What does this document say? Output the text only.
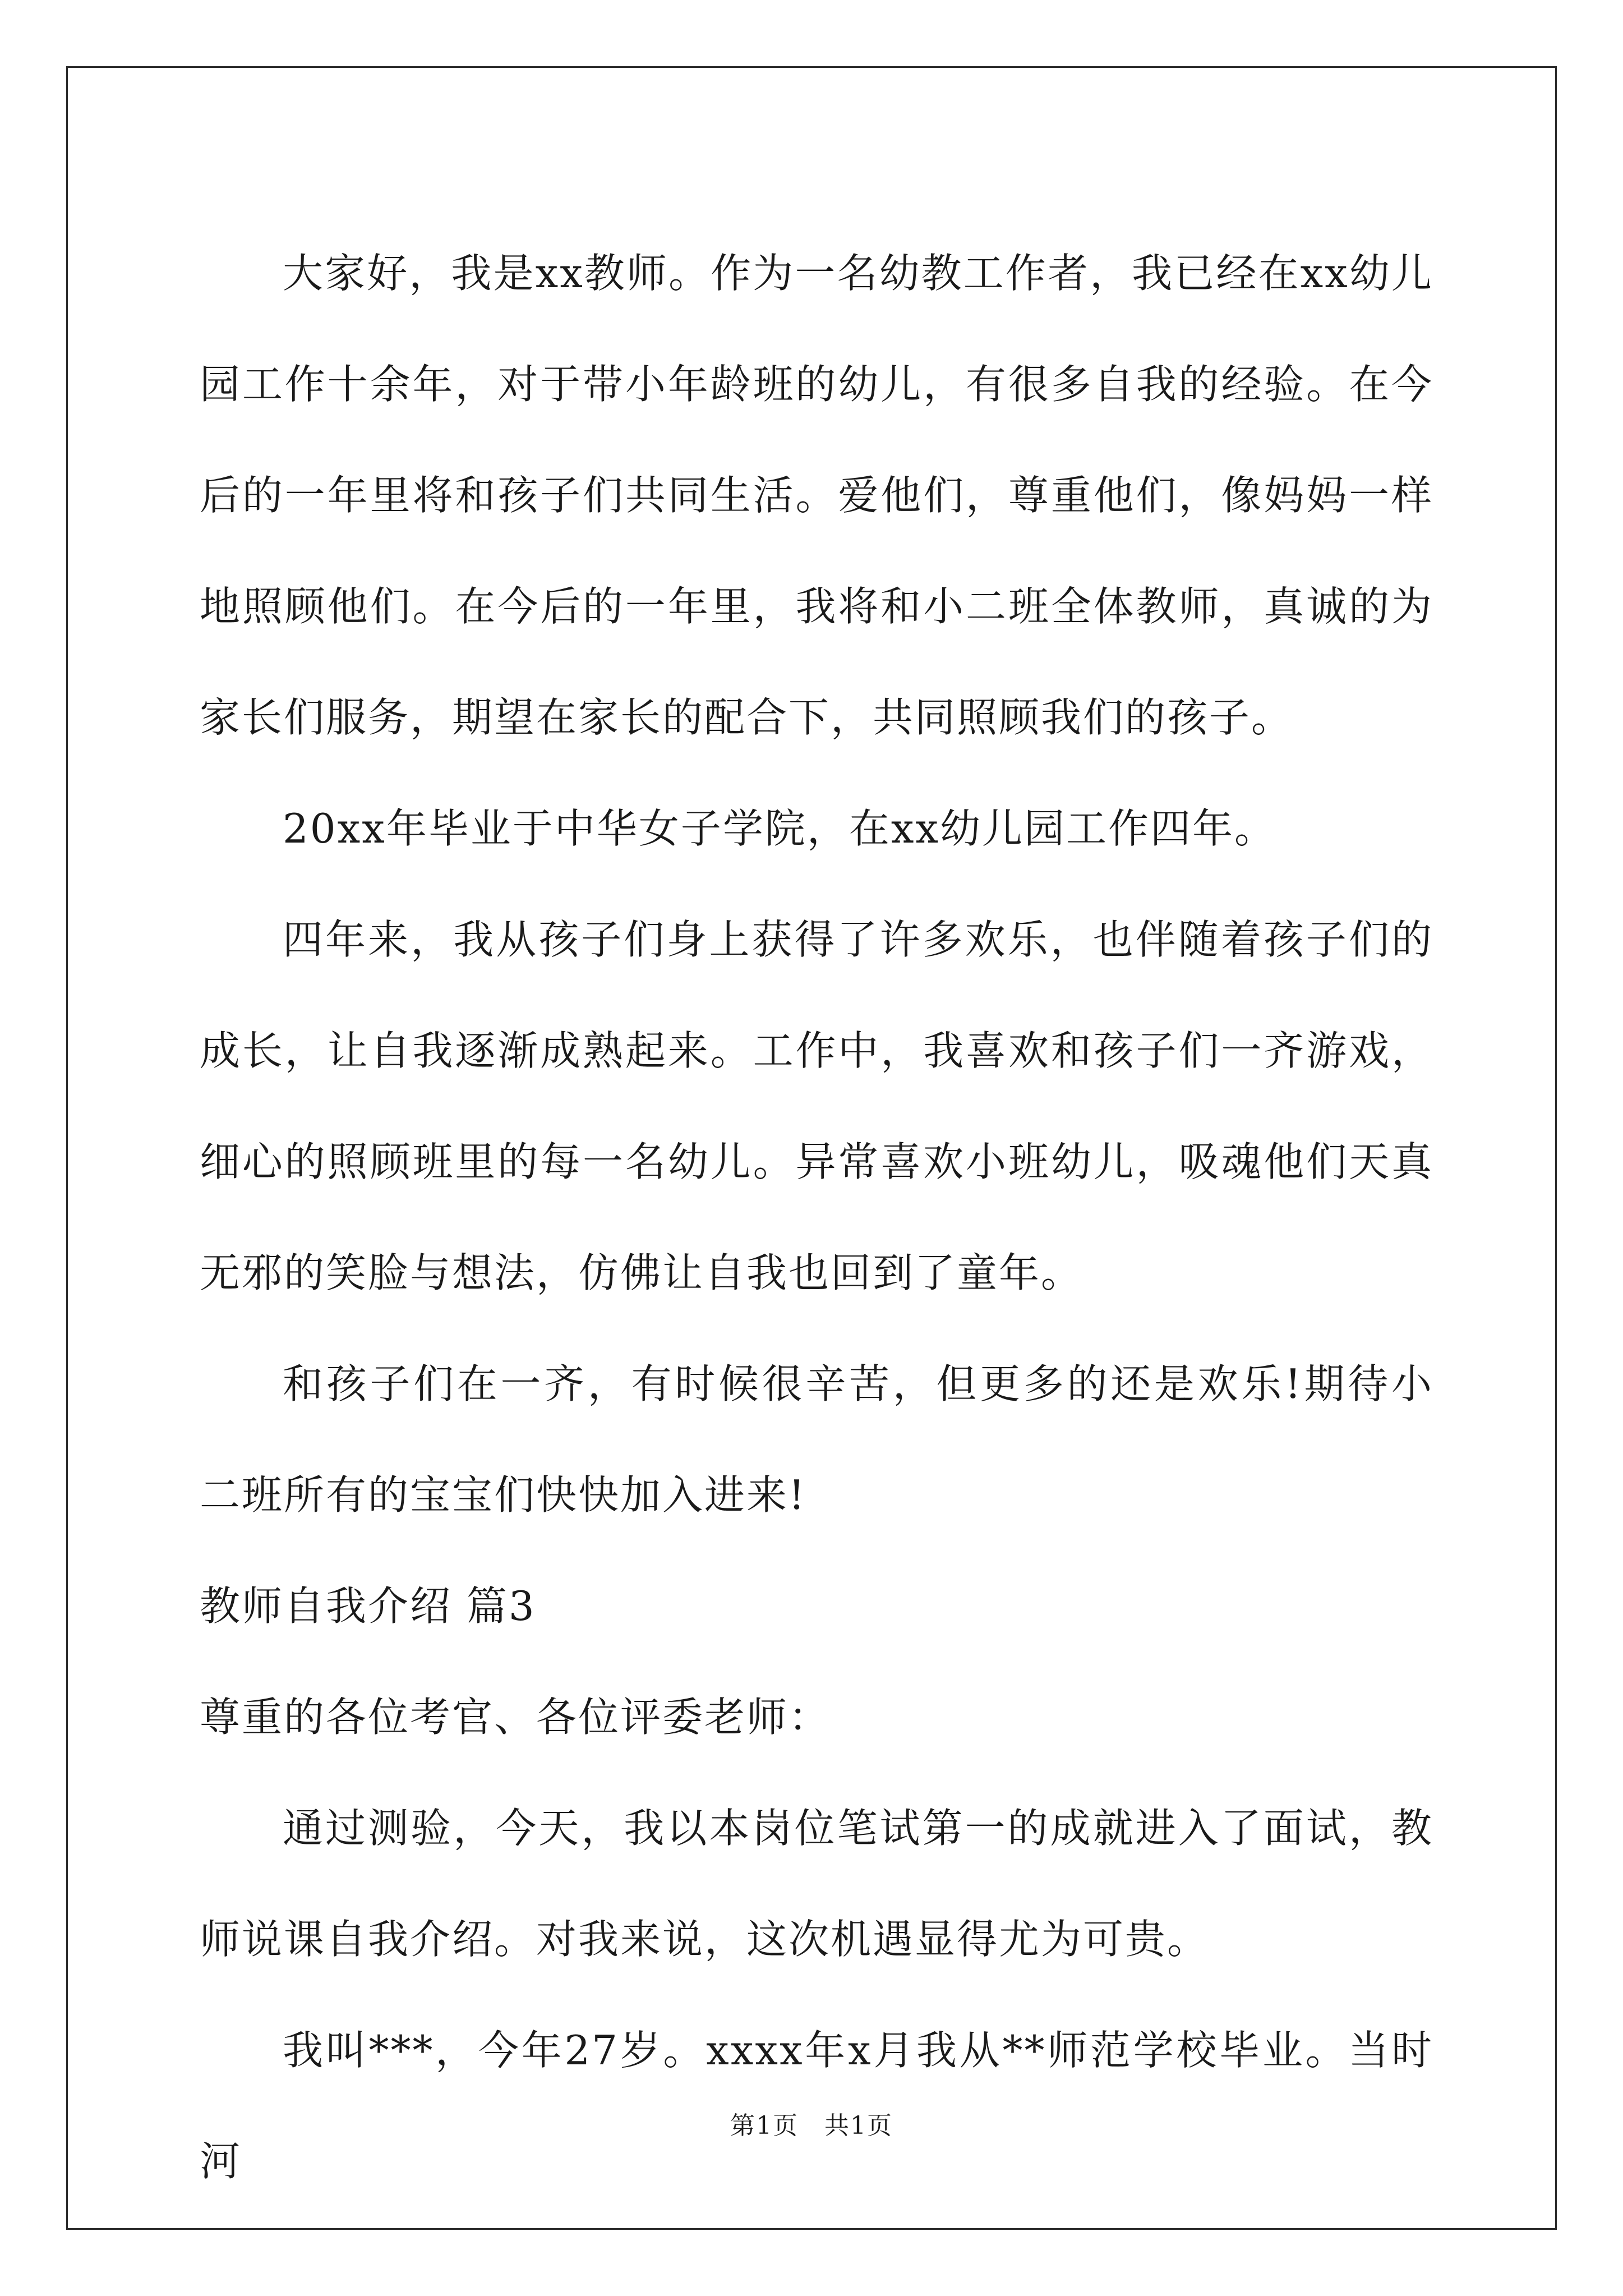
大家好，我是xx教师。作为一名幼教工作者，我已经在xx幼儿园工作十余年，对于带小年龄班的幼儿，有很多自我的经验。在今后的一年里将和孩子们共同生活。爱他们，尊重他们，像妈妈一样地照顾他们。在今后的一年里，我将和小二班全体教师，真诚的为家长们服务，期望在家长的配合下，共同照顾我们的孩子。

20xx年毕业于中华女子学院，在xx幼儿园工作四年。

四年来，我从孩子们身上获得了许多欢乐，也伴随着孩子们的成长，让自我逐渐成熟起来。工作中，我喜欢和孩子们一齐游戏，细心的照顾班里的每一名幼儿。异常喜欢小班幼儿，吸魂他们天真无邪的笑脸与想法，仿佛让自我也回到了童年。

和孩子们在一齐，有时候很辛苦，但更多的还是欢乐!期待小二班所有的宝宝们快快加入进来!

教师自我介绍 篇3

尊重的各位考官、各位评委老师：

通过测验，今天，我以本岗位笔试第一的成就进入了面试，教师说课自我介绍。对我来说，这次机遇显得尤为可贵。

我叫***，今年27岁。xxxx年x月我从**师范学校毕业。当时河

第1页　共1页
